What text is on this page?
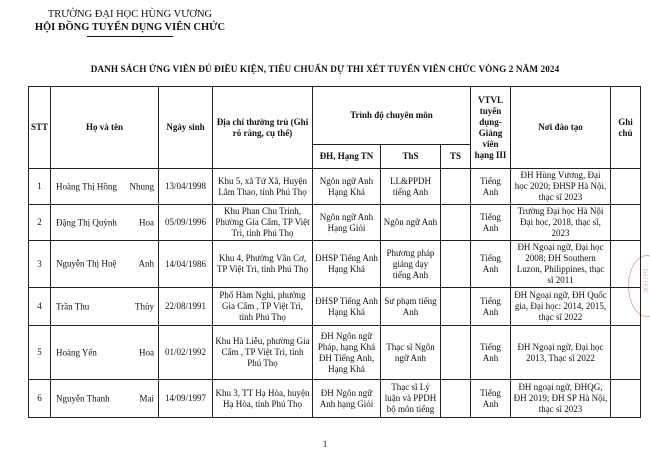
TRƯỜNG ĐẠI HỌC HÙNG VƯƠNG
HỘI ĐỒNG TUYỂN DỤNG VIÊN CHỨC
DANH SÁCH ỨNG VIÊN ĐỦ ĐIỀU KIỆN, TIÊU CHUẨN DỰ THI XÉT TUYỂN VIÊN CHỨC VÒNG 2 NĂM 2024
ĐẠI HỌC
STT	Họ và tên	Ngày sinh	Địa chỉ thường trú (Ghi rõ ràng, cụ thể)	Trình độ chuyên môn			VTVL tuyển dụng- Giảng viên hạng III	Nơi đào tạo	Ghi chú
				ĐH, Hạng TN	ThS	TS			
1	Hoàng Thị Hồng Nhung	13/04/1998	Khu 5, xã Tứ Xã, Huyện Lâm Thao, tỉnh Phú Thọ	Ngôn ngữ Anh Hạng Khá	LL&PPDH tiếng Anh		Tiếng Anh	ĐH Hùng Vương, Đại học 2020; ĐHSP Hà Nội, thạc sĩ 2023	
2	Đặng Thị Quỳnh Hoa	05/09/1996	Khu Phan Chu Trinh, Phường Gia Cẩm, TP Việt Trì, tỉnh Phú Thọ	Ngôn ngữ Anh Hạng Giỏi	Ngôn ngữ Anh		Tiếng Anh	Trường Đại học Hà Nội Đại học, 2018, thạc sĩ, 2023	
3	Nguyễn Thị Huệ Anh	14/04/1986	Khu 4, Phường Vân Cơ, TP Việt Trì, tỉnh Phú Thọ	ĐHSP Tiếng Anh Hạng Khá	Phương pháp giảng dạy tiếng Anh		Tiếng Anh	ĐH Ngoại ngữ, Đại học 2008; ĐH Southern Luzon, Philippines, thạc sĩ 2011	
4	Trần Thu Thủy	22/08/1991	Phố Hàm Nghi, phường Gia Cẩm , TP Việt Trì, tỉnh Phú Thọ	ĐHSP Tiếng Anh Hạng Khá	Sư phạm tiếng Anh		Tiếng Anh	ĐH Ngoại ngữ, ĐH Quốc gia, Đại học: 2014, 2015, thạc sĩ 2022	
5	Hoàng Yến Hoa	01/02/1992	Khu Hà Liễu, phường Gia Cẩm , TP Việt Trì, tỉnh Phú Thọ	ĐH Ngôn ngữ Pháp, hạng Khá ĐH Tiếng Anh, Hạng Khá	Thạc sĩ Ngôn ngữ Anh		Tiếng Anh	ĐH Ngoại ngữ, Đại học 2013, Thạc sĩ 2022	
6	Nguyễn Thanh Mai	14/09/1997	Khu 3, TT Hạ Hòa, huyện Hạ Hòa, tỉnh Phú Thọ	ĐH Ngôn ngữ Anh hạng Giỏi	Thạc sĩ Lý luận và PPDH bộ môn tiếng		Tiếng Anh	ĐH ngoại ngữ, ĐHQG, ĐH 2019; ĐH SP Hà Nội, thạc sĩ 2023	
1
